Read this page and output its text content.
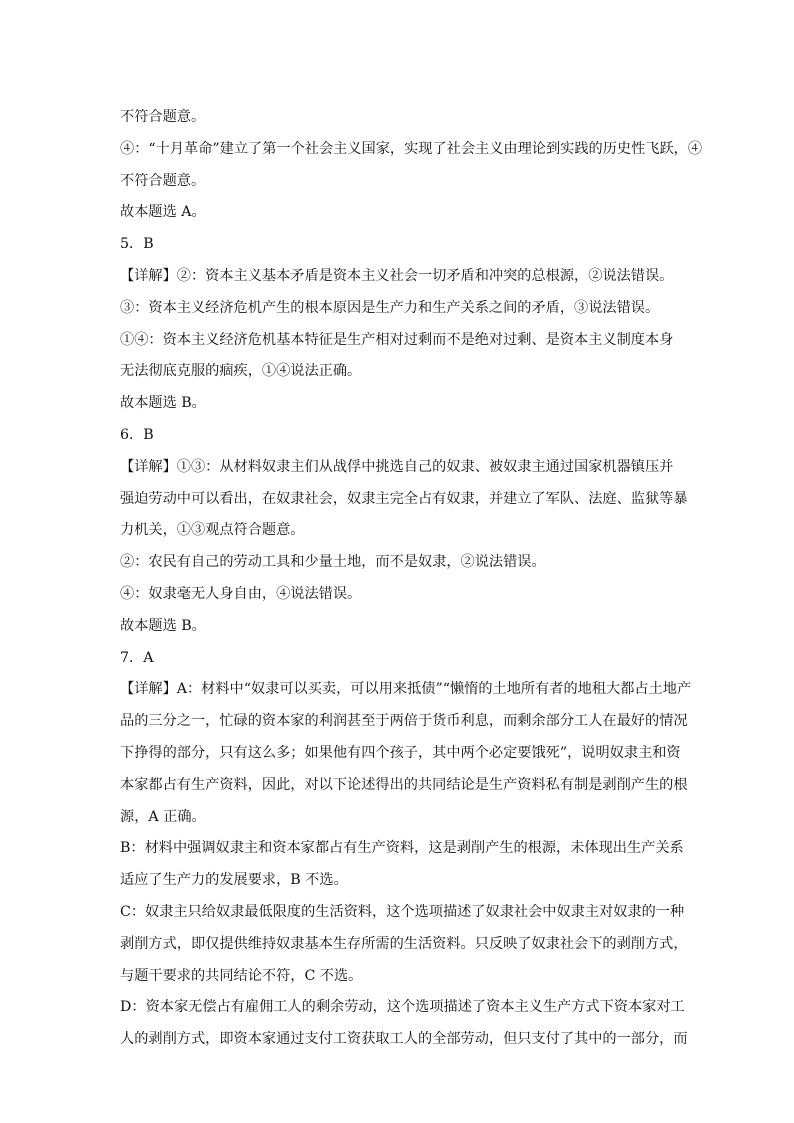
不符合题意。
④：“十月革命”建立了第一个社会主义国家，实现了社会主义由理论到实践的历史性飞跃，④
不符合题意。
故本题选 A。
5．B
【详解】②：资本主义基本矛盾是资本主义社会一切矛盾和冲突的总根源，②说法错误。
③：资本主义经济危机产生的根本原因是生产力和生产关系之间的矛盾，③说法错误。
①④：资本主义经济危机基本特征是生产相对过剩而不是绝对过剩、是资本主义制度本身
无法彻底克服的痼疾，①④说法正确。
故本题选 B。
6．B
【详解】①③：从材料奴隶主们从战俘中挑选自己的奴隶、被奴隶主通过国家机器镇压并
强迫劳动中可以看出，在奴隶社会，奴隶主完全占有奴隶，并建立了军队、法庭、监狱等暴
力机关，①③观点符合题意。
②：农民有自己的劳动工具和少量土地，而不是奴隶，②说法错误。
④：奴隶毫无人身自由，④说法错误。
故本题选 B。
7．A
【详解】A：材料中“奴隶可以买卖，可以用来抵债”“懒惰的土地所有者的地租大都占土地产
品的三分之一，忙碌的资本家的利润甚至于两倍于货币利息，而剩余部分工人在最好的情况
下挣得的部分，只有这么多；如果他有四个孩子，其中两个必定要饿死”，说明奴隶主和资
本家都占有生产资料，因此，对以下论述得出的共同结论是生产资料私有制是剥削产生的根
源，A 正确。
B：材料中强调奴隶主和资本家都占有生产资料，这是剥削产生的根源，未体现出生产关系
适应了生产力的发展要求，B 不选。
C：奴隶主只给奴隶最低限度的生活资料，这个选项描述了奴隶社会中奴隶主对奴隶的一种
剥削方式，即仅提供维持奴隶基本生存所需的生活资料。只反映了奴隶社会下的剥削方式，
与题干要求的共同结论不符，C 不选。
D：资本家无偿占有雇佣工人的剩余劳动，这个选项描述了资本主义生产方式下资本家对工
人的剥削方式，即资本家通过支付工资获取工人的全部劳动，但只支付了其中的一部分，而
